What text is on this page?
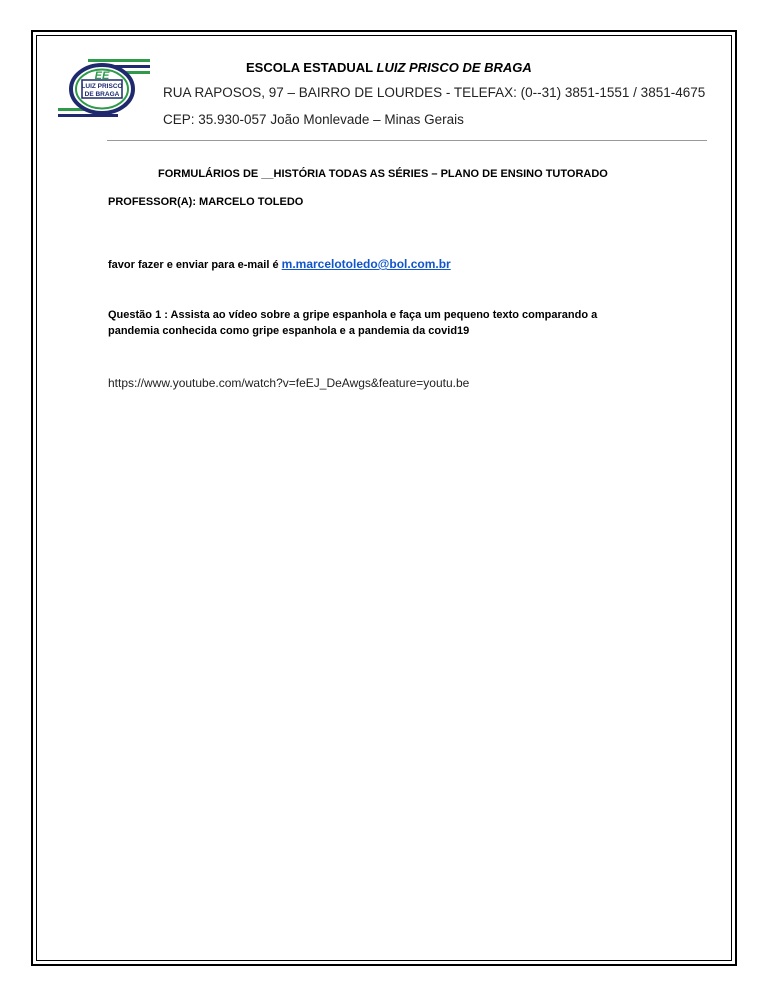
EE
LUIZ PRISCO
DE BRAGA
ESCOLA ESTADUAL LUIZ PRISCO DE BRAGA
RUA RAPOSOS, 97 – BAIRRO DE LOURDES - TELEFAX: (0--31) 3851-1551 / 3851-4675
CEP: 35.930-057 João Monlevade – Minas Gerais
FORMULÁRIOS DE __HISTÓRIA TODAS AS SÉRIES – PLANO DE ENSINO TUTORADO
PROFESSOR(A): MARCELO TOLEDO
favor fazer e enviar para e-mail é m.marcelotoledo@bol.com.br
Questão 1 : Assista ao vídeo sobre a gripe espanhola e faça um pequeno texto comparando a
pandemia conhecida como gripe espanhola e a pandemia da covid19
https://www.youtube.com/watch?v=feEJ_DeAwgs&feature=youtu.be
